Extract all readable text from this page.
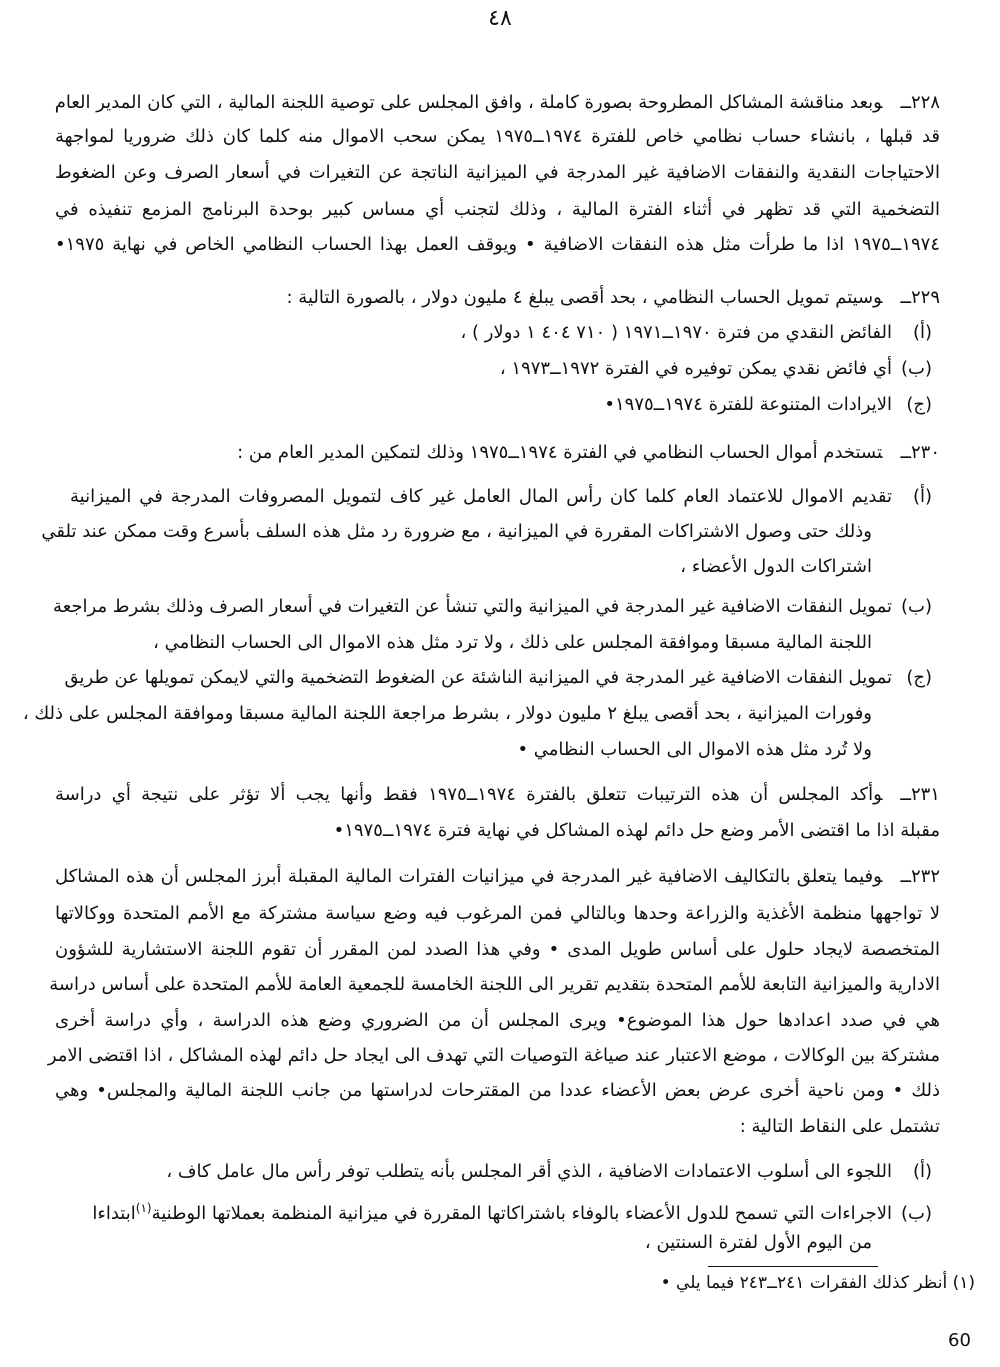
٤٨
٢٢٨ــوبعد مناقشة المشاكل المطروحة بصورة كاملة ، وافق المجلس على توصية اللجنة المالية ، التي كان المدير العام
قد قبلها ، بانشاء حساب نظامي خاص للفترة ١٩٧٤ــ١٩٧٥ يمكن سحب الاموال منه كلما كان ذلك ضروريا لمواجهة
الاحتياجات النقدية والنفقات الاضافية غير المدرجة في الميزانية الناتجة عن التغيرات في أسعار الصرف وعن الضغوط
التضخمية التي قد تظهر في أثناء الفترة المالية ، وذلك لتجنب أي مساس كبير بوحدة البرنامج المزمع تنفيذه في
١٩٧٤ــ١٩٧٥ اذا ما طرأت مثل هذه النفقات الاضافية • ويوقف العمل بهذا الحساب النظامي الخاص في نهاية ١٩٧٥•
٢٢٩ــوسيتم تمويل الحساب النظامي ، بحد أقصى يبلغ ٤ مليون دولار ، بالصورة التالية :
(أ)الفائض النقدي من فترة ١٩٧٠ــ١٩٧١ ( ٧١٠ ٤٠٤ ١ دولار ) ،
(ب)أي فائض نقدي يمكن توفيره في الفترة ١٩٧٢ــ١٩٧٣ ،
(ج)الايرادات المتنوعة للفترة ١٩٧٤ــ١٩٧٥•
٢٣٠ــتستخدم أموال الحساب النظامي في الفترة ١٩٧٤ــ١٩٧٥ وذلك لتمكين المدير العام من :
(أ)تقديم الاموال للاعتماد العام كلما كان رأس المال العامل غير كاف لتمويل المصروفات المدرجة في الميزانية
وذلك حتى وصول الاشتراكات المقررة في الميزانية ، مع ضرورة رد مثل هذه السلف بأسرع وقت ممكن عند تلقي
اشتراكات الدول الأعضاء ،
(ب)تمويل النفقات الاضافية غير المدرجة في الميزانية والتي تنشأ عن التغيرات في أسعار الصرف وذلك بشرط مراجعة
اللجنة المالية مسبقا وموافقة المجلس على ذلك ، ولا ترد مثل هذه الاموال الى الحساب النظامي ،
(ج)تمويل النفقات الاضافية غير المدرجة في الميزانية الناشئة عن الضغوط التضخمية والتي لايمكن تمويلها عن طريق
وفورات الميزانية ، بحد أقصى يبلغ ٢ مليون دولار ، بشرط مراجعة اللجنة المالية مسبقا وموافقة المجلس على ذلك ،
ولا تُرد مثل هذه الاموال الى الحساب النظامي •
٢٣١ــوأكد المجلس أن هذه الترتيبات تتعلق بالفترة ١٩٧٤ــ١٩٧٥ فقط وأنها يجب ألا تؤثر على نتيجة أي دراسة
مقبلة اذا ما اقتضى الأمر وضع حل دائم لهذه المشاكل في نهاية فترة ١٩٧٤ــ١٩٧٥•
٢٣٢ــوفيما يتعلق بالتكاليف الاضافية غير المدرجة في ميزانيات الفترات المالية المقبلة أبرز المجلس أن هذه المشاكل
لا تواجهها منظمة الأغذية والزراعة وحدها وبالتالي فمن المرغوب فيه وضع سياسة مشتركة مع الأمم المتحدة ووكالاتها
المتخصصة لايجاد حلول على أساس طويل المدى • وفي هذا الصدد لمن المقرر أن تقوم اللجنة الاستشارية للشؤون
الادارية والميزانية التابعة للأمم المتحدة بتقديم تقرير الى اللجنة الخامسة للجمعية العامة للأمم المتحدة على أساس دراسة
هي في صدد اعدادها حول هذا الموضوع• ويرى المجلس أن من الضروري وضع هذه الدراسة ، وأي دراسة أخرى
مشتركة بين الوكالات ، موضع الاعتبار عند صياغة التوصيات التي تهدف الى ايجاد حل دائم لهذه المشاكل ، اذا اقتضى الامر
ذلك • ومن ناحية أخرى عرض بعض الأعضاء عددا من المقترحات لدراستها من جانب اللجنة المالية والمجلس• وهي
تشتمل على النقاط التالية :
(أ)اللجوء الى أسلوب الاعتمادات الاضافية ، الذي أقر المجلس بأنه يتطلب توفر رأس مال عامل كاف ،
(ب)الاجراءات التي تسمح للدول الأعضاء بالوفاء باشتراكاتها المقررة في ميزانية المنظمة بعملاتها الوطنية$^{(١)}$ابتداءا
من اليوم الأول لفترة السنتين ،
(١) أنظر كذلك الفقرات ٢٤١ــ٢٤٣ فيما يلي •
60
